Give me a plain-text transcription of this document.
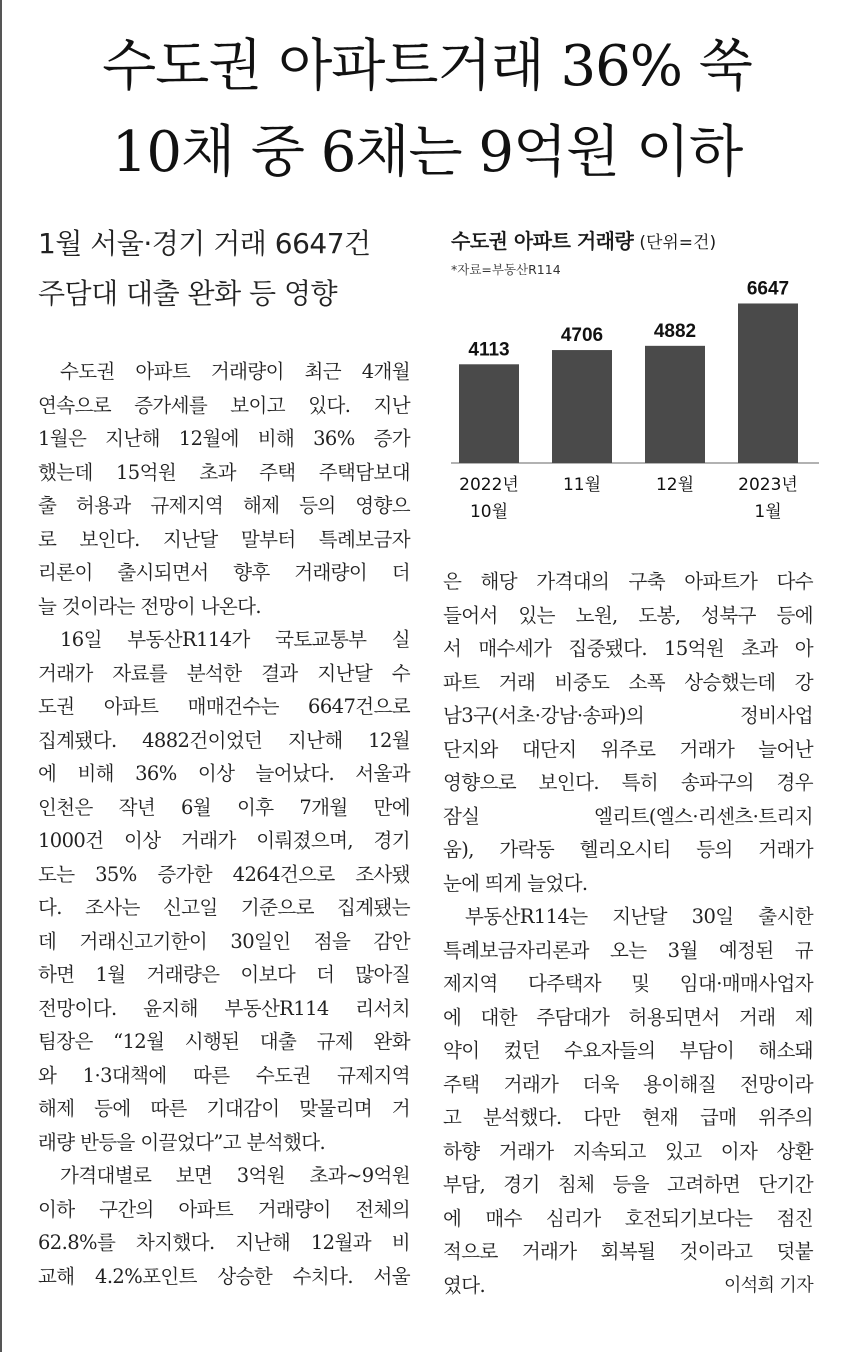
수도권 아파트거래 36% 쑥
10채 중 6채는 9억원 이하
1월 서울·경기 거래 6647건
주담대 대출 완화 등 영향

수도권 아파트 거래량이 최근 4개월

연속으로 증가세를 보이고 있다. 지난

1월은 지난해 12월에 비해 36% 증가

했는데 15억원 초과 주택 주택담보대

출 허용과 규제지역 해제 등의 영향으

로 보인다. 지난달 말부터 특례보금자

리론이 출시되면서 향후 거래량이 더

늘 것이라는 전망이 나온다.

16일 부동산R114가 국토교통부 실

거래가 자료를 분석한 결과 지난달 수

도권 아파트 매매건수는 6647건으로

집계됐다. 4882건이었던 지난해 12월

에 비해 36% 이상 늘어났다. 서울과

인천은 작년 6월 이후 7개월 만에

1000건 이상 거래가 이뤄졌으며, 경기

도는 35% 증가한 4264건으로 조사됐

다. 조사는 신고일 기준으로 집계됐는

데 거래신고기한이 30일인 점을 감안

하면 1월 거래량은 이보다 더 많아질

전망이다. 윤지해 부동산R114 리서치

팀장은 “12월 시행된 대출 규제 완화

와 1·3대책에 따른 수도권 규제지역

해제 등에 따른 기대감이 맞물리며 거

래량 반등을 이끌었다”고 분석했다.

가격대별로 보면 3억원 초과~9억원

이하 구간의 아파트 거래량이 전체의

62.8%를 차지했다. 지난해 12월과 비

교해 4.2%포인트 상승한 수치다. 서울

수도권 아파트 거래량 (단위=건)
*자료=부동산R114
4113
2022년
10월
4706
11월
4882
12월
6647
2023년
1월

은 해당 가격대의 구축 아파트가 다수

들어서 있는 노원, 도봉, 성북구 등에

서 매수세가 집중됐다. 15억원 초과 아

파트 거래 비중도 소폭 상승했는데 강

남3구(서초·강남·송파)의 정비사업

단지와 대단지 위주로 거래가 늘어난

영향으로 보인다. 특히 송파구의 경우

잠실 엘리트(엘스·리센츠·트리지

움), 가락동 헬리오시티 등의 거래가

눈에 띄게 늘었다.

부동산R114는 지난달 30일 출시한

특례보금자리론과 오는 3월 예정된 규

제지역 다주택자 및 임대·매매사업자

에 대한 주담대가 허용되면서 거래 제

약이 컸던 수요자들의 부담이 해소돼

주택 거래가 더욱 용이해질 전망이라

고 분석했다. 다만 현재 급매 위주의

하향 거래가 지속되고 있고 이자 상환

부담, 경기 침체 등을 고려하면 단기간

에 매수 심리가 호전되기보다는 점진

적으로 거래가 회복될 것이라고 덧붙

였다.	이석희 기자
